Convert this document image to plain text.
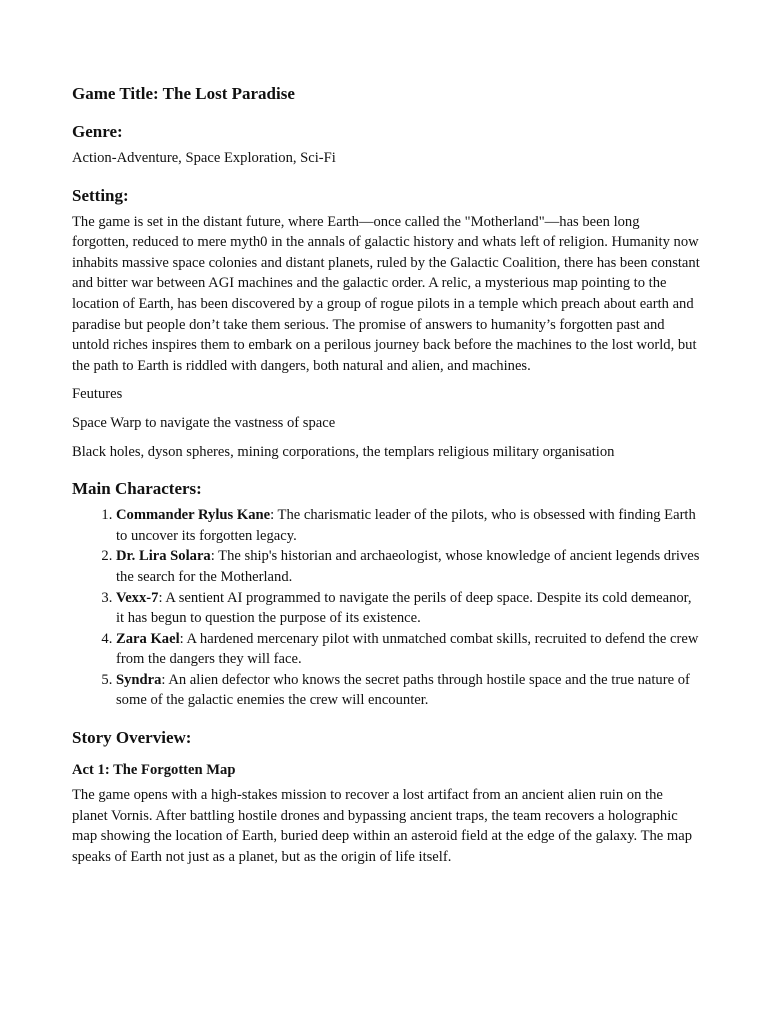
Game Title: The Lost Paradise
Genre:

Action-Adventure, Space Exploration, Sci-Fi

Setting:

The game is set in the distant future, where Earth—once called the "Motherland"—has been long forgotten, reduced to mere myth0 in the annals of galactic history and whats left of religion. Humanity now inhabits massive space colonies and distant planets, ruled by the Galactic Coalition, there has been constant and bitter war between AGI machines and the galactic order. A relic, a mysterious map pointing to the location of Earth, has been discovered by a group of rogue pilots in a temple which preach about earth and paradise but people don’t take them serious. The promise of answers to humanity’s forgotten past and untold riches inspires them to embark on a perilous journey back before the machines to the lost world, but the path to Earth is riddled with dangers, both natural and alien, and machines.

Feutures

Space Warp to navigate the vastness of space

Black holes, dyson spheres, mining corporations, the templars religious military organisation

Main Characters:
1. Commander Rylus Kane: The charismatic leader of the pilots, who is obsessed with finding Earth to uncover its forgotten legacy.
2. Dr. Lira Solara: The ship's historian and archaeologist, whose knowledge of ancient legends drives the search for the Motherland.
3. Vexx-7: A sentient AI programmed to navigate the perils of deep space. Despite its cold demeanor, it has begun to question the purpose of its existence.
4. Zara Kael: A hardened mercenary pilot with unmatched combat skills, recruited to defend the crew from the dangers they will face.
5. Syndra: An alien defector who knows the secret paths through hostile space and the true nature of some of the galactic enemies the crew will encounter.
Story Overview:
Act 1: The Forgotten Map

The game opens with a high-stakes mission to recover a lost artifact from an ancient alien ruin on the planet Vornis. After battling hostile drones and bypassing ancient traps, the team recovers a holographic map showing the location of Earth, buried deep within an asteroid field at the edge of the galaxy. The map speaks of Earth not just as a planet, but as the origin of life itself.
